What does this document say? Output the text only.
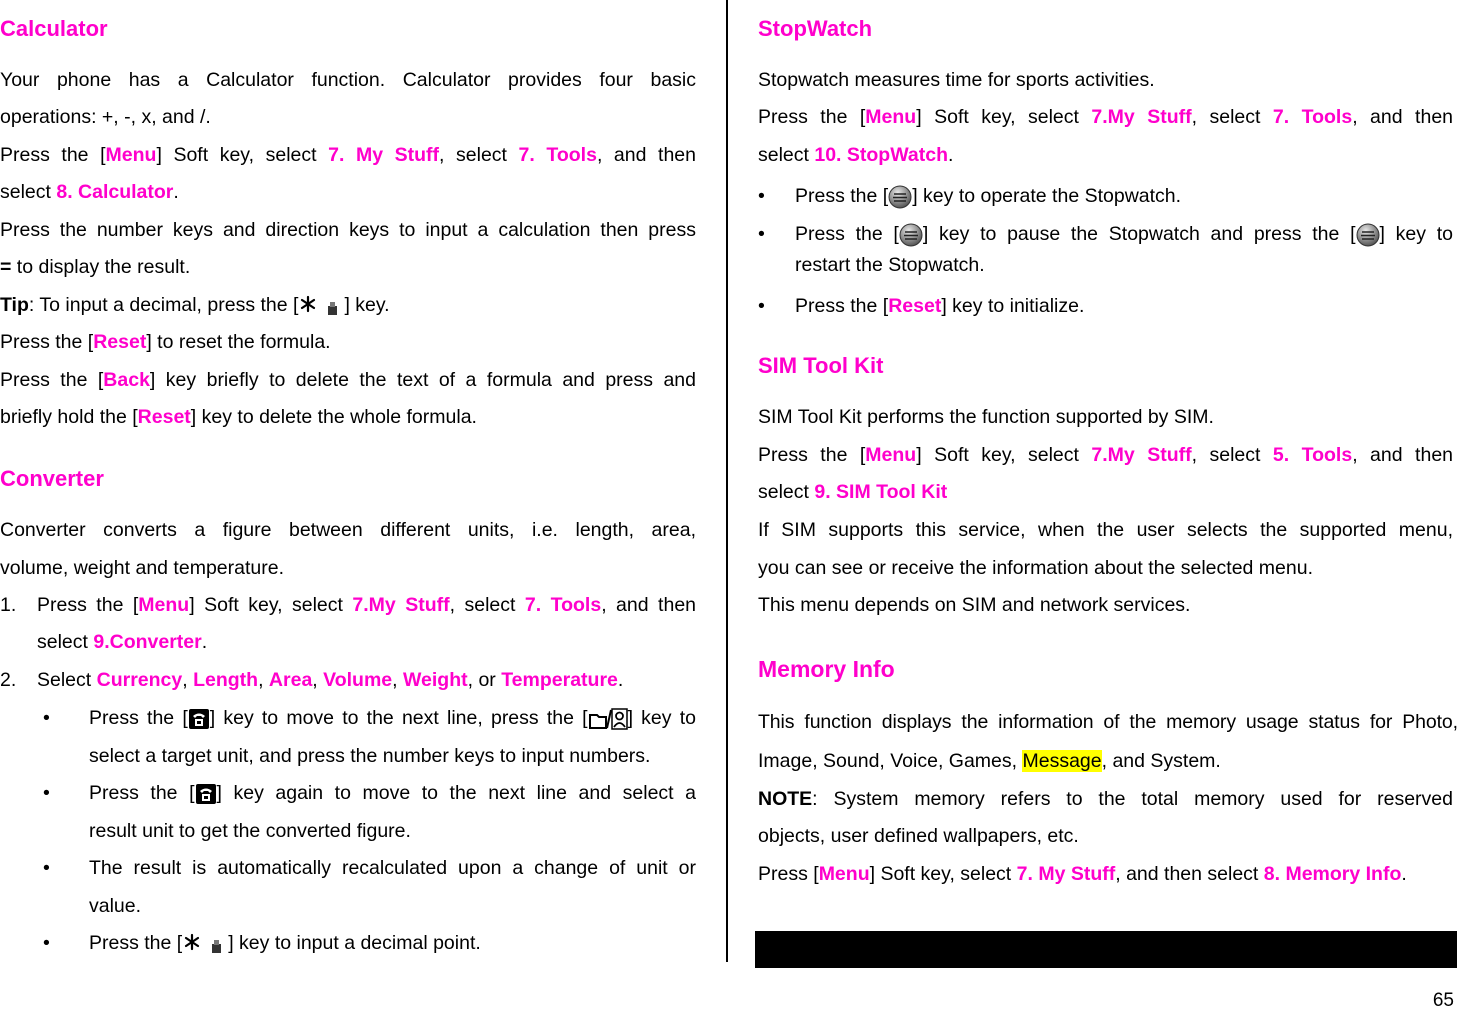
Calculator
Your phone has a Calculator function. Calculator provides four basic
operations: +, -, x, and /.
Press the [Menu] Soft key, select 7. My Stuff, select 7. Tools, and then
select 8. Calculator.
Press the number keys and direction keys to input a calculation then press
= to display the result.
Tip: To input a decimal, press the [ ] key.
Press the [Reset] to reset the formula.
Press the [Back] key briefly to delete the text of a formula and press and
briefly hold the [Reset] key to delete the whole formula.
Converter
Converter converts a figure between different units, i.e. length, area,
volume, weight and temperature.
1.	Press the [Menu] Soft key, select 7.My Stuff, select 7. Tools, and then
select 9.Converter.
2.	Select Currency, Length, Area, Volume, Weight, or Temperature.
• Press the [ ] key to move to the next line, press the [ ] key to
select a target unit, and press the number keys to input numbers.
• Press the [ ] key again to move to the next line and select a
result unit to get the converted figure.
• The result is automatically recalculated upon a change of unit or
value.
• Press the [ ] key to input a decimal point.
StopWatch
Stopwatch measures time for sports activities.
Press the [Menu] Soft key, select 7.My Stuff, select 7. Tools, and then
select 10. StopWatch.
• Press the [ ] key to operate the Stopwatch.
• Press the [ ] key to pause the Stopwatch and press the [ ] key to
restart the Stopwatch.
• Press the [Reset] key to initialize.
SIM Tool Kit
SIM Tool Kit performs the function supported by SIM.
Press the [Menu] Soft key, select 7.My Stuff, select 5. Tools, and then
select 9. SIM Tool Kit
If SIM supports this service, when the user selects the supported menu,
you can see or receive the information about the selected menu.
This menu depends on SIM and network services.
Memory Info
This function displays the information of the memory usage status for Photo,
Image, Sound, Voice, Games, Message, and System.
NOTE: System memory refers to the total memory used for reserved
objects, user defined wallpapers, etc.
Press [Menu] Soft key, select 7. My Stuff, and then select 8. Memory Info.
65
